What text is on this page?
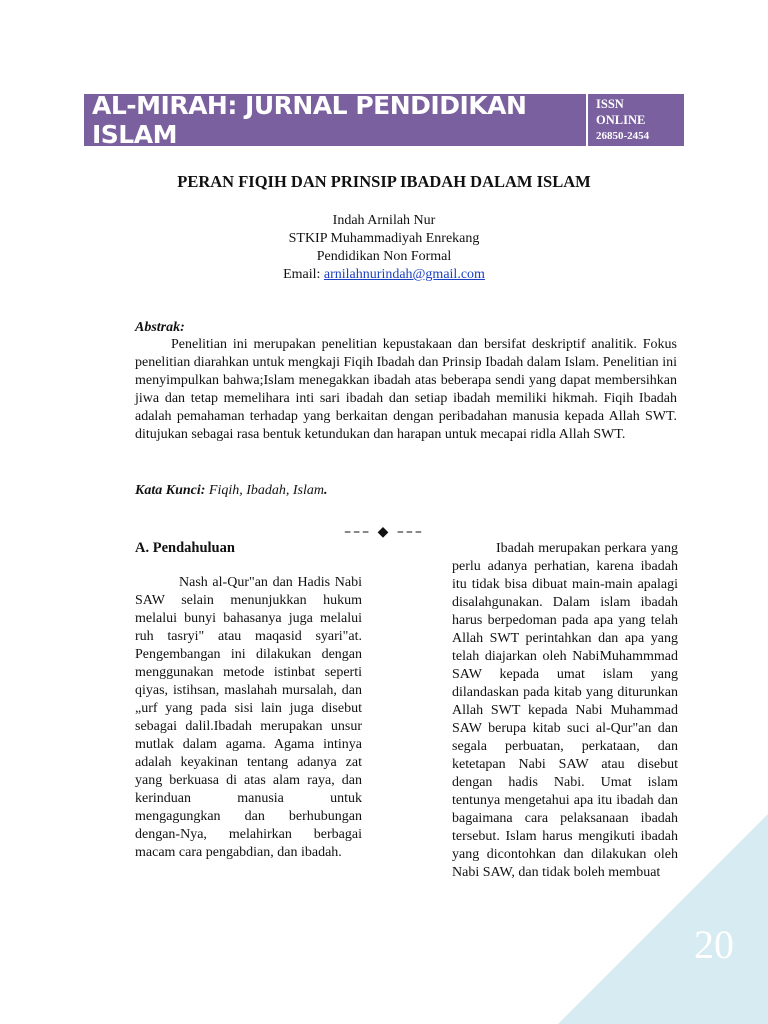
AL-MIRAH: JURNAL PENDIDIKAN ISLAM
ISSN
ONLINE
26850-2454
PERAN FIQIH DAN PRINSIP IBADAH DALAM ISLAM
Indah Arnilah Nur
STKIP Muhammadiyah Enrekang
Pendidikan Non Formal
Email: arnilahnurindah@gmail.com
Abstrak:
Penelitian ini merupakan penelitian kepustakaan dan bersifat deskriptif analitik. Fokus penelitian diarahkan untuk mengkaji Fiqih Ibadah dan Prinsip Ibadah dalam Islam. Penelitian ini menyimpulkan bahwa;Islam menegakkan ibadah atas beberapa sendi yang dapat membersihkan jiwa dan tetap memelihara inti sari ibadah dan setiap ibadah memiliki hikmah. Fiqih Ibadah adalah pemahaman terhadap yang berkaitan dengan peribadahan manusia kepada Allah SWT. ditujukan sebagai rasa bentuk ketundukan dan harapan untuk mecapai ridla Allah SWT.
Kata Kunci: Fiqih, Ibadah, Islam.
––– ◆ –––
A. Pendahuluan
Nash al-Qur"an dan Hadis Nabi SAW selain menunjukkan hukum melalui bunyi bahasanya juga melalui ruh tasryi" atau maqasid syari"at. Pengembangan ini dilakukan dengan menggunakan metode istinbat seperti qiyas, istihsan, maslahah mursalah, dan „urf yang pada sisi lain juga disebut sebagai dalil.Ibadah merupakan unsur mutlak dalam agama. Agama intinya adalah keyakinan tentang adanya zat yang berkuasa di atas alam raya, dan kerinduan manusia untuk mengagungkan dan berhubungan dengan-Nya, melahirkan berbagai macam cara pengabdian, dan ibadah.
Ibadah merupakan perkara yang perlu adanya perhatian, karena ibadah itu tidak bisa dibuat main-main apalagi disalahgunakan. Dalam islam ibadah harus berpedoman pada apa yang telah Allah SWT perintahkan dan apa yang telah diajarkan oleh NabiMuhammmad SAW kepada umat islam yang dilandaskan pada kitab yang diturunkan Allah SWT kepada Nabi Muhammad SAW berupa kitab suci al-Qur"an dan segala perbuatan, perkataan, dan ketetapan Nabi SAW atau disebut dengan hadis Nabi. Umat islam tentunya mengetahui apa itu ibadah dan bagaimana cara pelaksanaan ibadah tersebut. Islam harus mengikuti ibadah yang dicontohkan dan dilakukan oleh Nabi SAW, dan tidak boleh membuat
20
